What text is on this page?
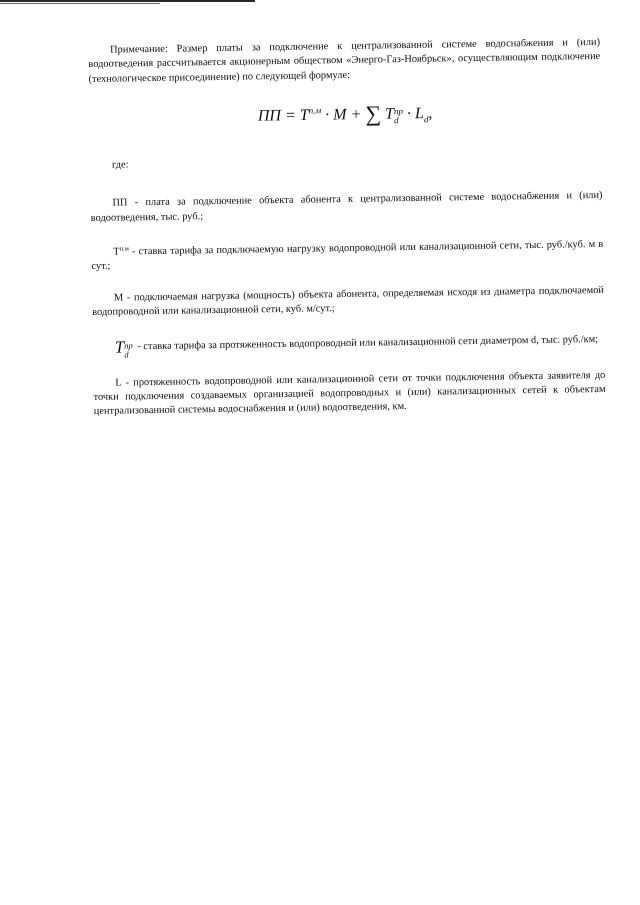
Примечание: Размер платы за подключение к централизованной системе водоснабжения и (или) водоотведения рассчитывается акционерным обществом «Энерго-Газ-Ноябрьск», осуществляющим подключение (технологическое присоединение) по следующей формуле:

ПП = $T^{п.м} \cdot M$ + ∑ T пр
$d \cdot L_d$,

где:

ПП - плата за подключение объекта абонента к централизованной системе водоснабжения и (или) водоотведения, тыс. руб.;

$T^{п.м}$ - ставка тарифа за подключаемую нагрузку водопроводной или канализационной сети, тыс. руб./куб. м в сут.;

М - подключаемая нагрузка (мощность) объекта абонента, определяемая исходя из диаметра подключаемой водопроводной или канализационной сети, куб. м/сут.;

T пр
d
- ставка тарифа за протяженность водопроводной или канализационной сети диаметром d, тыс. руб./км;

L - протяженность водопроводной или канализационной сети от точки подключения объекта заявителя до точки подключения создаваемых организацией водопроводных и (или) канализационных сетей к объектам централизованной системы водоснабжения и (или) водоотведения, км.
